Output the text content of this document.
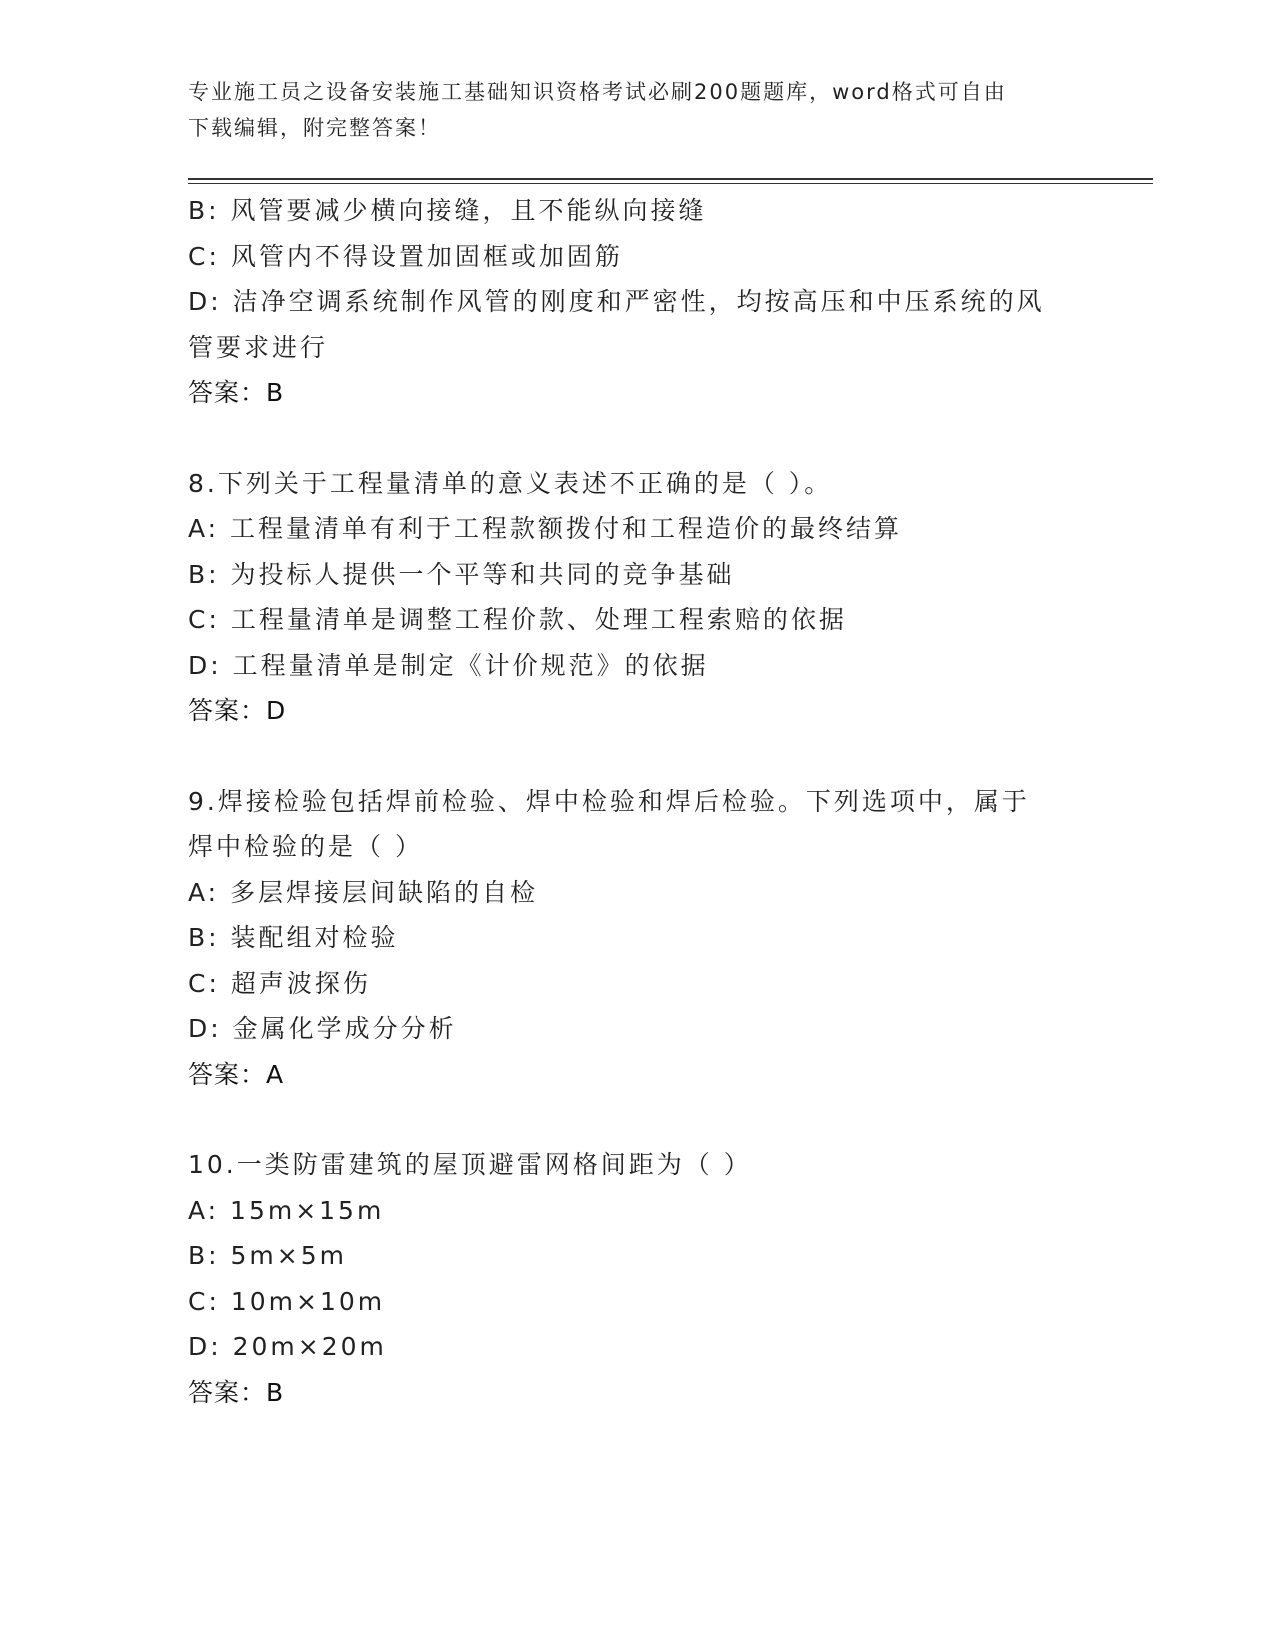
专业施工员之设备安装施工基础知识资格考试必刷200题题库，word格式可自由
下载编辑，附完整答案！
B: 风管要减少横向接缝，且不能纵向接缝
C: 风管内不得设置加固框或加固筋
D: 洁净空调系统制作风管的刚度和严密性，均按高压和中压系统的风
管要求进行
答案：B
8.下列关于工程量清单的意义表述不正确的是（ ）。
A: 工程量清单有利于工程款额拨付和工程造价的最终结算
B: 为投标人提供一个平等和共同的竞争基础
C: 工程量清单是调整工程价款、处理工程索赔的依据
D: 工程量清单是制定《计价规范》的依据
答案：D
9.焊接检验包括焊前检验、焊中检验和焊后检验。下列选项中，属于
焊中检验的是（ ）
A: 多层焊接层间缺陷的自检
B: 装配组对检验
C: 超声波探伤
D: 金属化学成分分析
答案：A
10.一类防雷建筑的屋顶避雷网格间距为（ ）
A: 15m×15m
B: 5m×5m
C: 10m×10m
D: 20m×20m
答案：B
